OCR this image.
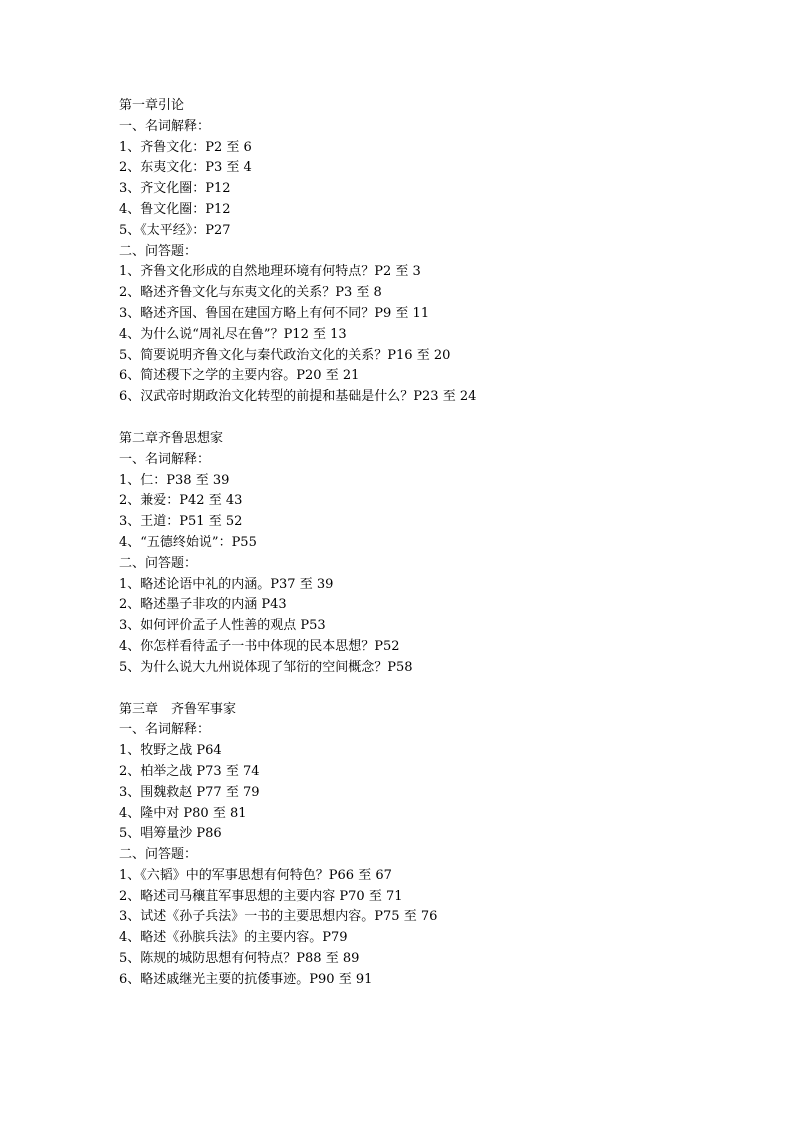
第一章引论
一、名词解释：
1、齐鲁文化：P2 至 6
2、东夷文化：P3 至 4
3、齐文化圈：P12
4、鲁文化圈：P12
5、《太平经》：P27
二、问答题：
1、齐鲁文化形成的自然地理环境有何特点？P2 至 3
2、略述齐鲁文化与东夷文化的关系？P3 至 8
3、略述齐国、鲁国在建国方略上有何不同？P9 至 11
4、为什么说“周礼尽在鲁”？P12 至 13
5、简要说明齐鲁文化与秦代政治文化的关系？P16 至 20
6、简述稷下之学的主要内容。P20 至 21
6、汉武帝时期政治文化转型的前提和基础是什么？P23 至 24
第二章齐鲁思想家
一、名词解释：
1、仁：P38 至 39
2、兼爱：P42 至 43
3、王道：P51 至 52
4、“五德终始说”：P55
二、问答题：
1、略述论语中礼的内涵。P37 至 39
2、略述墨子非攻的内涵 P43
3、如何评价孟子人性善的观点 P53
4、你怎样看待孟子一书中体现的民本思想？P52
5、为什么说大九州说体现了邹衍的空间概念？P58
第三章　齐鲁军事家
一、名词解释：
1、牧野之战 P64
2、柏举之战 P73 至 74
3、围魏救赵 P77 至 79
4、隆中对 P80 至 81
5、唱筹量沙 P86
二、问答题：
1、《六韬》中的军事思想有何特色？P66 至 67
2、略述司马穰苴军事思想的主要内容 P70 至 71
3、试述《孙子兵法》一书的主要思想内容。P75 至 76
4、略述《孙膑兵法》的主要内容。P79
5、陈规的城防思想有何特点？P88 至 89
6、略述戚继光主要的抗倭事迹。P90 至 91
